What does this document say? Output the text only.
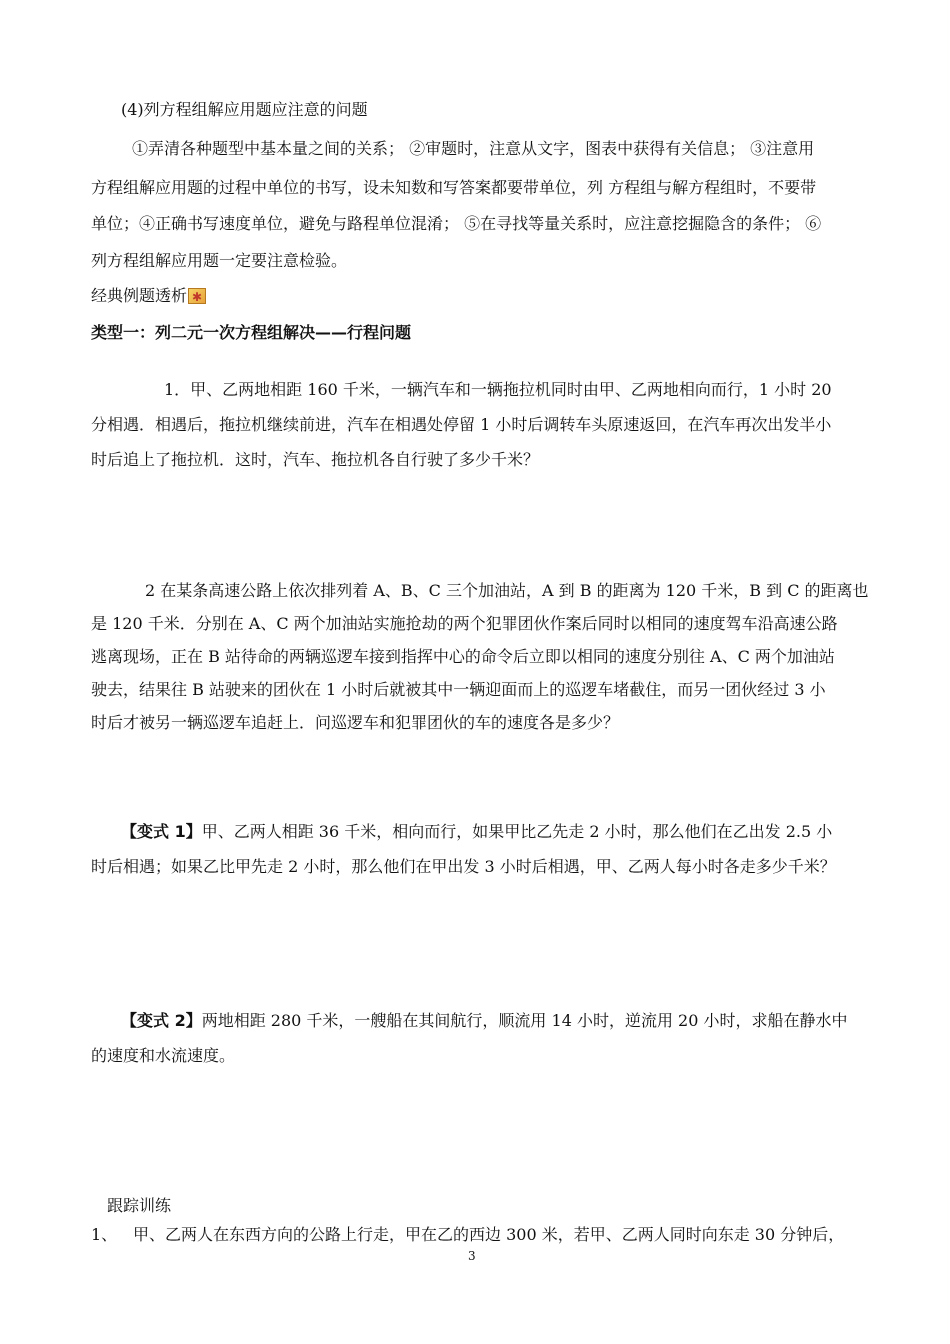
(4)列方程组解应用题应注意的问题
①弄清各种题型中基本量之间的关系； ②审题时，注意从文字，图表中获得有关信息； ③注意用
方程组解应用题的过程中单位的书写，设未知数和写答案都要带单位，列 方程组与解方程组时，不要带
单位；④正确书写速度单位，避免与路程单位混淆； ⑤在寻找等量关系时，应注意挖掘隐含的条件； ⑥
列方程组解应用题一定要注意检验。
经典例题透析✱
类型一：列二元一次方程组解决——行程问题
1．甲、乙两地相距 160 千米，一辆汽车和一辆拖拉机同时由甲、乙两地相向而行，1 小时 20
分相遇．相遇后，拖拉机继续前进，汽车在相遇处停留 1 小时后调转车头原速返回，在汽车再次出发半小
时后追上了拖拉机．这时，汽车、拖拉机各自行驶了多少千米？
2 在某条高速公路上依次排列着 A、B、C 三个加油站，A 到 B 的距离为 120 千米，B 到 C 的距离也
是 120 千米．分别在 A、C 两个加油站实施抢劫的两个犯罪团伙作案后同时以相同的速度驾车沿高速公路
逃离现场，正在 B 站待命的两辆巡逻车接到指挥中心的命令后立即以相同的速度分别往 A、C 两个加油站
驶去，结果往 B 站驶来的团伙在 1 小时后就被其中一辆迎面而上的巡逻车堵截住，而另一团伙经过 3 小
时后才被另一辆巡逻车追赶上．问巡逻车和犯罪团伙的车的速度各是多少？
【变式 1】甲、乙两人相距 36 千米，相向而行，如果甲比乙先走 2 小时，那么他们在乙出发 2.5 小
时后相遇；如果乙比甲先走 2 小时，那么他们在甲出发 3 小时后相遇，甲、乙两人每小时各走多少千米？
【变式 2】两地相距 280 千米，一艘船在其间航行，顺流用 14 小时，逆流用 20 小时，求船在静水中
的速度和水流速度。
跟踪训练
1、 甲、乙两人在东西方向的公路上行走，甲在乙的西边 300 米，若甲、乙两人同时向东走 30 分钟后，
3
